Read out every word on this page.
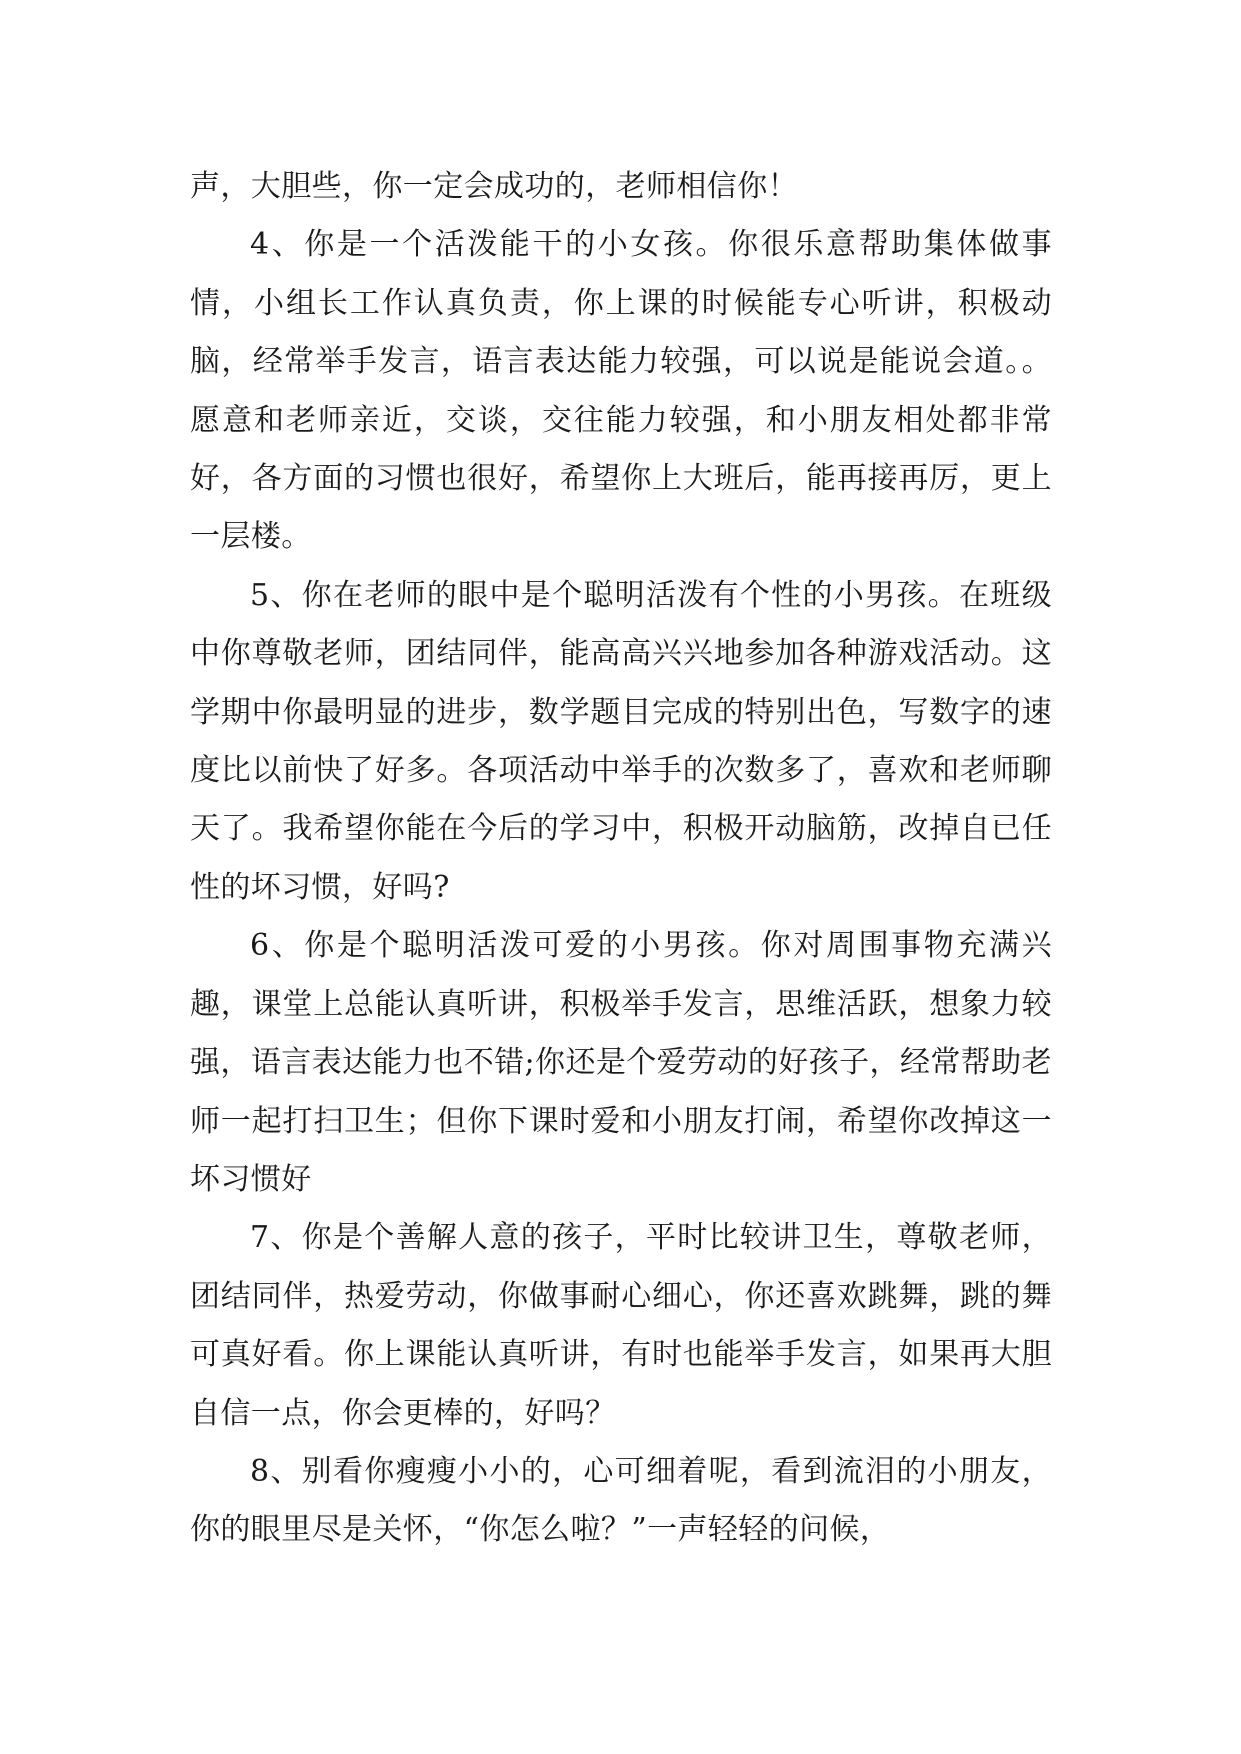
声，大胆些，你一定会成功的，老师相信你！

4、你是一个活泼能干的小女孩。你很乐意帮助集体做事情，小组长工作认真负责，你上课的时候能专心听讲，积极动脑，经常举手发言，语言表达能力较强，可以说是能说会道。。愿意和老师亲近，交谈，交往能力较强，和小朋友相处都非常好，各方面的习惯也很好，希望你上大班后，能再接再厉，更上一层楼。

5、你在老师的眼中是个聪明活泼有个性的小男孩。在班级中你尊敬老师，团结同伴，能高高兴兴地参加各种游戏活动。这学期中你最明显的进步，数学题目完成的特别出色，写数字的速度比以前快了好多。各项活动中举手的次数多了，喜欢和老师聊天了。我希望你能在今后的学习中，积极开动脑筋，改掉自已任性的坏习惯，好吗?

6、你是个聪明活泼可爱的小男孩。你对周围事物充满兴趣，课堂上总能认真听讲，积极举手发言，思维活跃，想象力较强，语言表达能力也不错;你还是个爱劳动的好孩子，经常帮助老师一起打扫卫生；但你下课时爱和小朋友打闹，希望你改掉这一坏习惯好

7、你是个善解人意的孩子，平时比较讲卫生，尊敬老师，团结同伴，热爱劳动，你做事耐心细心，你还喜欢跳舞，跳的舞可真好看。你上课能认真听讲，有时也能举手发言，如果再大胆自信一点，你会更棒的，好吗？

8、别看你瘦瘦小小的，心可细着呢，看到流泪的小朋友，你的眼里尽是关怀，“你怎么啦？”一声轻轻的问候，
